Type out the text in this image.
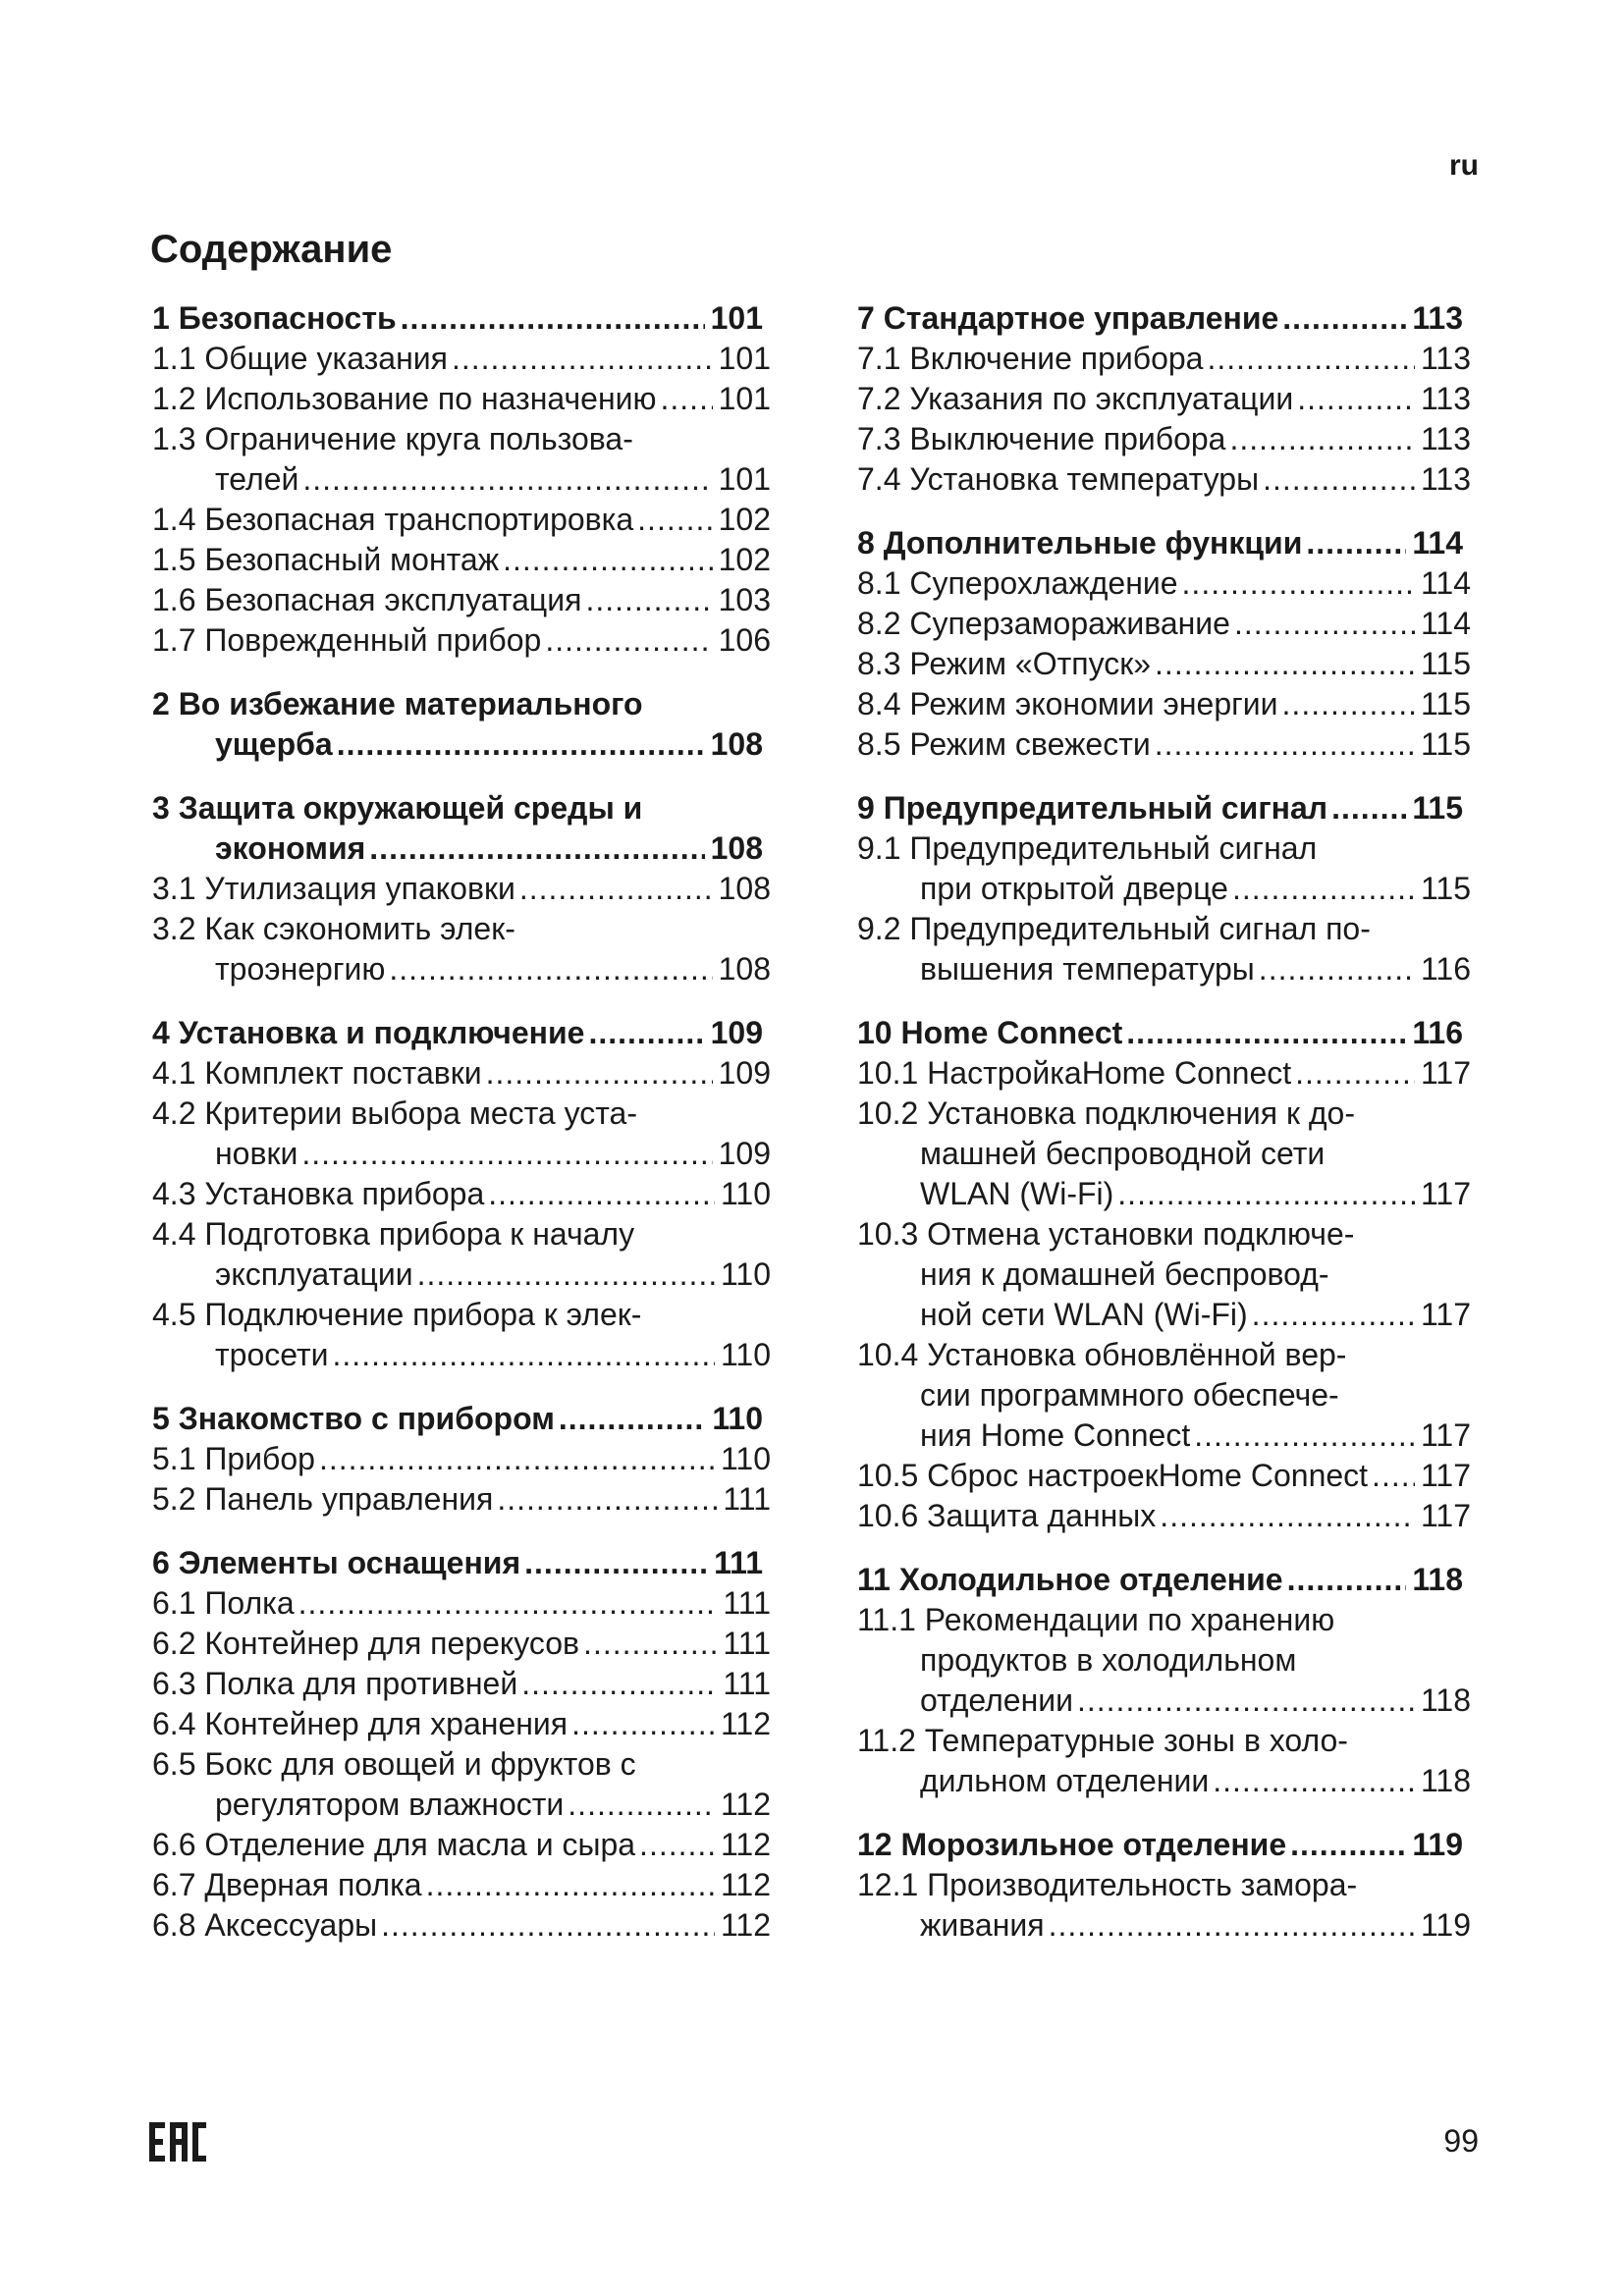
ru
Содержание
1 Безопасность .....	101
1.1 Общие указания .....	101
1.2 Использование по назначению ..... 101
1.3 Ограничение круга пользова-
телей .....	101
1.4 Безопасная транспортировка .....	102
1.5 Безопасный монтаж .....	102
1.6 Безопасная эксплуатация .....	103
1.7 Поврежденный прибор .....	106
2 Во избежание материального
ущерба .....	108
3 Защита окружающей среды и
экономия .....	108
3.1 Утилизация упаковки .....	108
3.2 Как сэкономить элек-
троэнергию .....	108
4 Установка и подключение .....	109
4.1 Комплект поставки .....	109
4.2 Критерии выбора места уста-
новки .....	109
4.3 Установка прибора .....	110
4.4 Подготовка прибора к началу
эксплуатации .....	110
4.5 Подключение прибора к элек-
тросети .....	110
5 Знакомство с прибором .....	110
5.1 Прибор .....	110
5.2 Панель управления .....	111
6 Элементы оснащения .....	111
6.1 Полка .....	111
6.2 Контейнер для перекусов .....	111
6.3 Полка для противней .....	111
6.4 Контейнер для хранения .....	112
6.5 Бокс для овощей и фруктов с
регулятором влажности .....	112
6.6 Отделение для масла и сыра .....	112
6.7 Дверная полка .....	112
6.8 Аксессуары .....	112
7 Стандартное управление .....	113
7.1 Включение прибора .....	113
7.2 Указания по эксплуатации .....	113
7.3 Выключение прибора .....	113
7.4 Установка температуры .....	113
8 Дополнительные функции .....	114
8.1 Суперохлаждение .....	114
8.2 Суперзамораживание .....	114
8.3 Режим «Отпуск» .....	115
8.4 Режим экономии энергии .....	115
8.5 Режим свежести .....	115
9 Предупредительный сигнал .....	115
9.1 Предупредительный сигнал
при открытой дверце .....	115
9.2 Предупредительный сигнал по-
вышения температуры .....	116
10 Home Connect .....	116
10.1 НастройкаHome Connect .....	117
10.2 Установка подключения к до-
машней беспроводной сети
WLAN (Wi-Fi) .....	117
10.3 Отмена установки подключе-
ния к домашней беспровод-
ной сети WLAN (Wi-Fi) .....	117
10.4 Установка обновлённой вер-
сии программного обеспече-
ния Home Connect .....	117
10.5 Сброс настроекHome Connect ..... 117
10.6 Защита данных .....	117
11 Холодильное отделение .....	118
11.1 Рекомендации по хранению
продуктов в холодильном
отделении .....	118
11.2 Температурные зоны в холо-
дильном отделении .....	118
12 Морозильное отделение .....	119
12.1 Производительность замора-
живания .....	119
99
